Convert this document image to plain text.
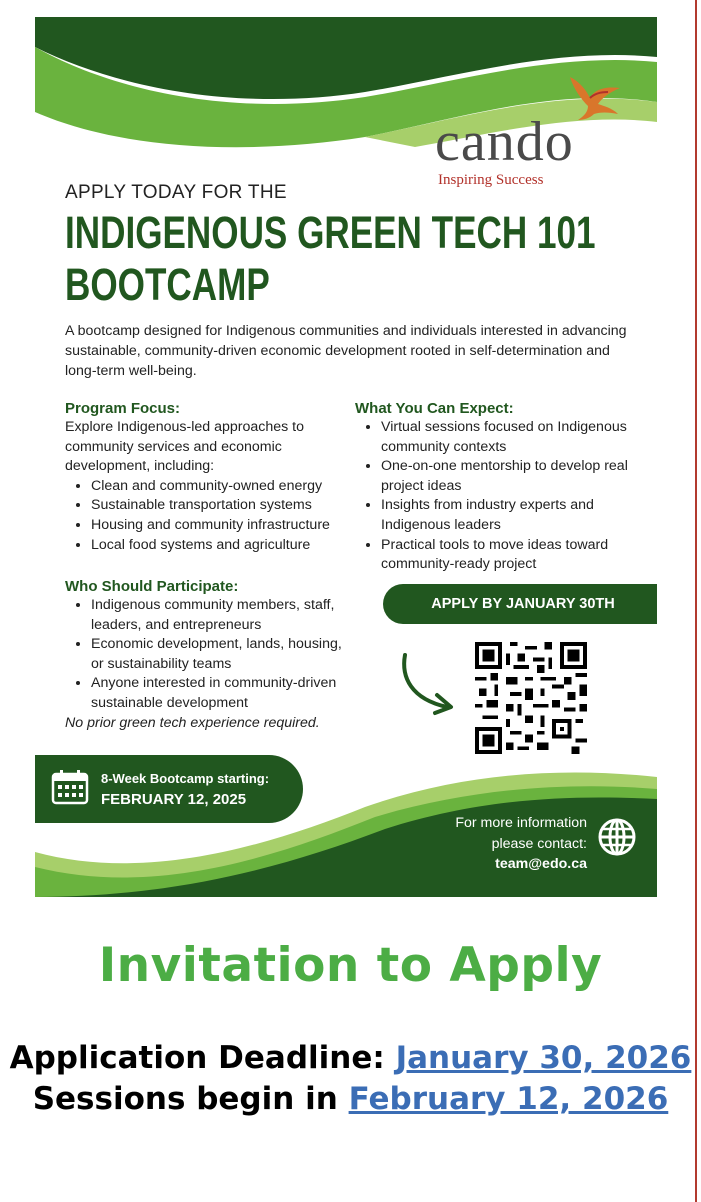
cando
Inspiring Success
APPLY TODAY FOR THE
INDIGENOUS GREEN TECH 101
BOOTCAMP
A bootcamp designed for Indigenous communities and individuals interested in advancing sustainable, community-driven economic development rooted in self-determination and long-term well-being.
Program Focus:

Explore Indigenous-led approaches to community services and economic development, including:

• Clean and community-owned energy
• Sustainable transportation systems
• Housing and community infrastructure
• Local food systems and agriculture
What You Can Expect:
• Virtual sessions focused on Indigenous community contexts
• One-on-one mentorship to develop real project ideas
• Insights from industry experts and Indigenous leaders
• Practical tools to move ideas toward community-ready project
Who Should Participate:
• Indigenous community members, staff, leaders, and entrepreneurs
• Economic development, lands, housing, or sustainability teams
• Anyone interested in community-driven sustainable development

No prior green tech experience required.

APPLY BY JANUARY 30TH
8-Week Bootcamp starting:
FEBRUARY 12, 2025
For more information
please contact:
team@edo.ca
Invitation to Apply
Application Deadline: January 30, 2026
Sessions begin in February 12, 2026
